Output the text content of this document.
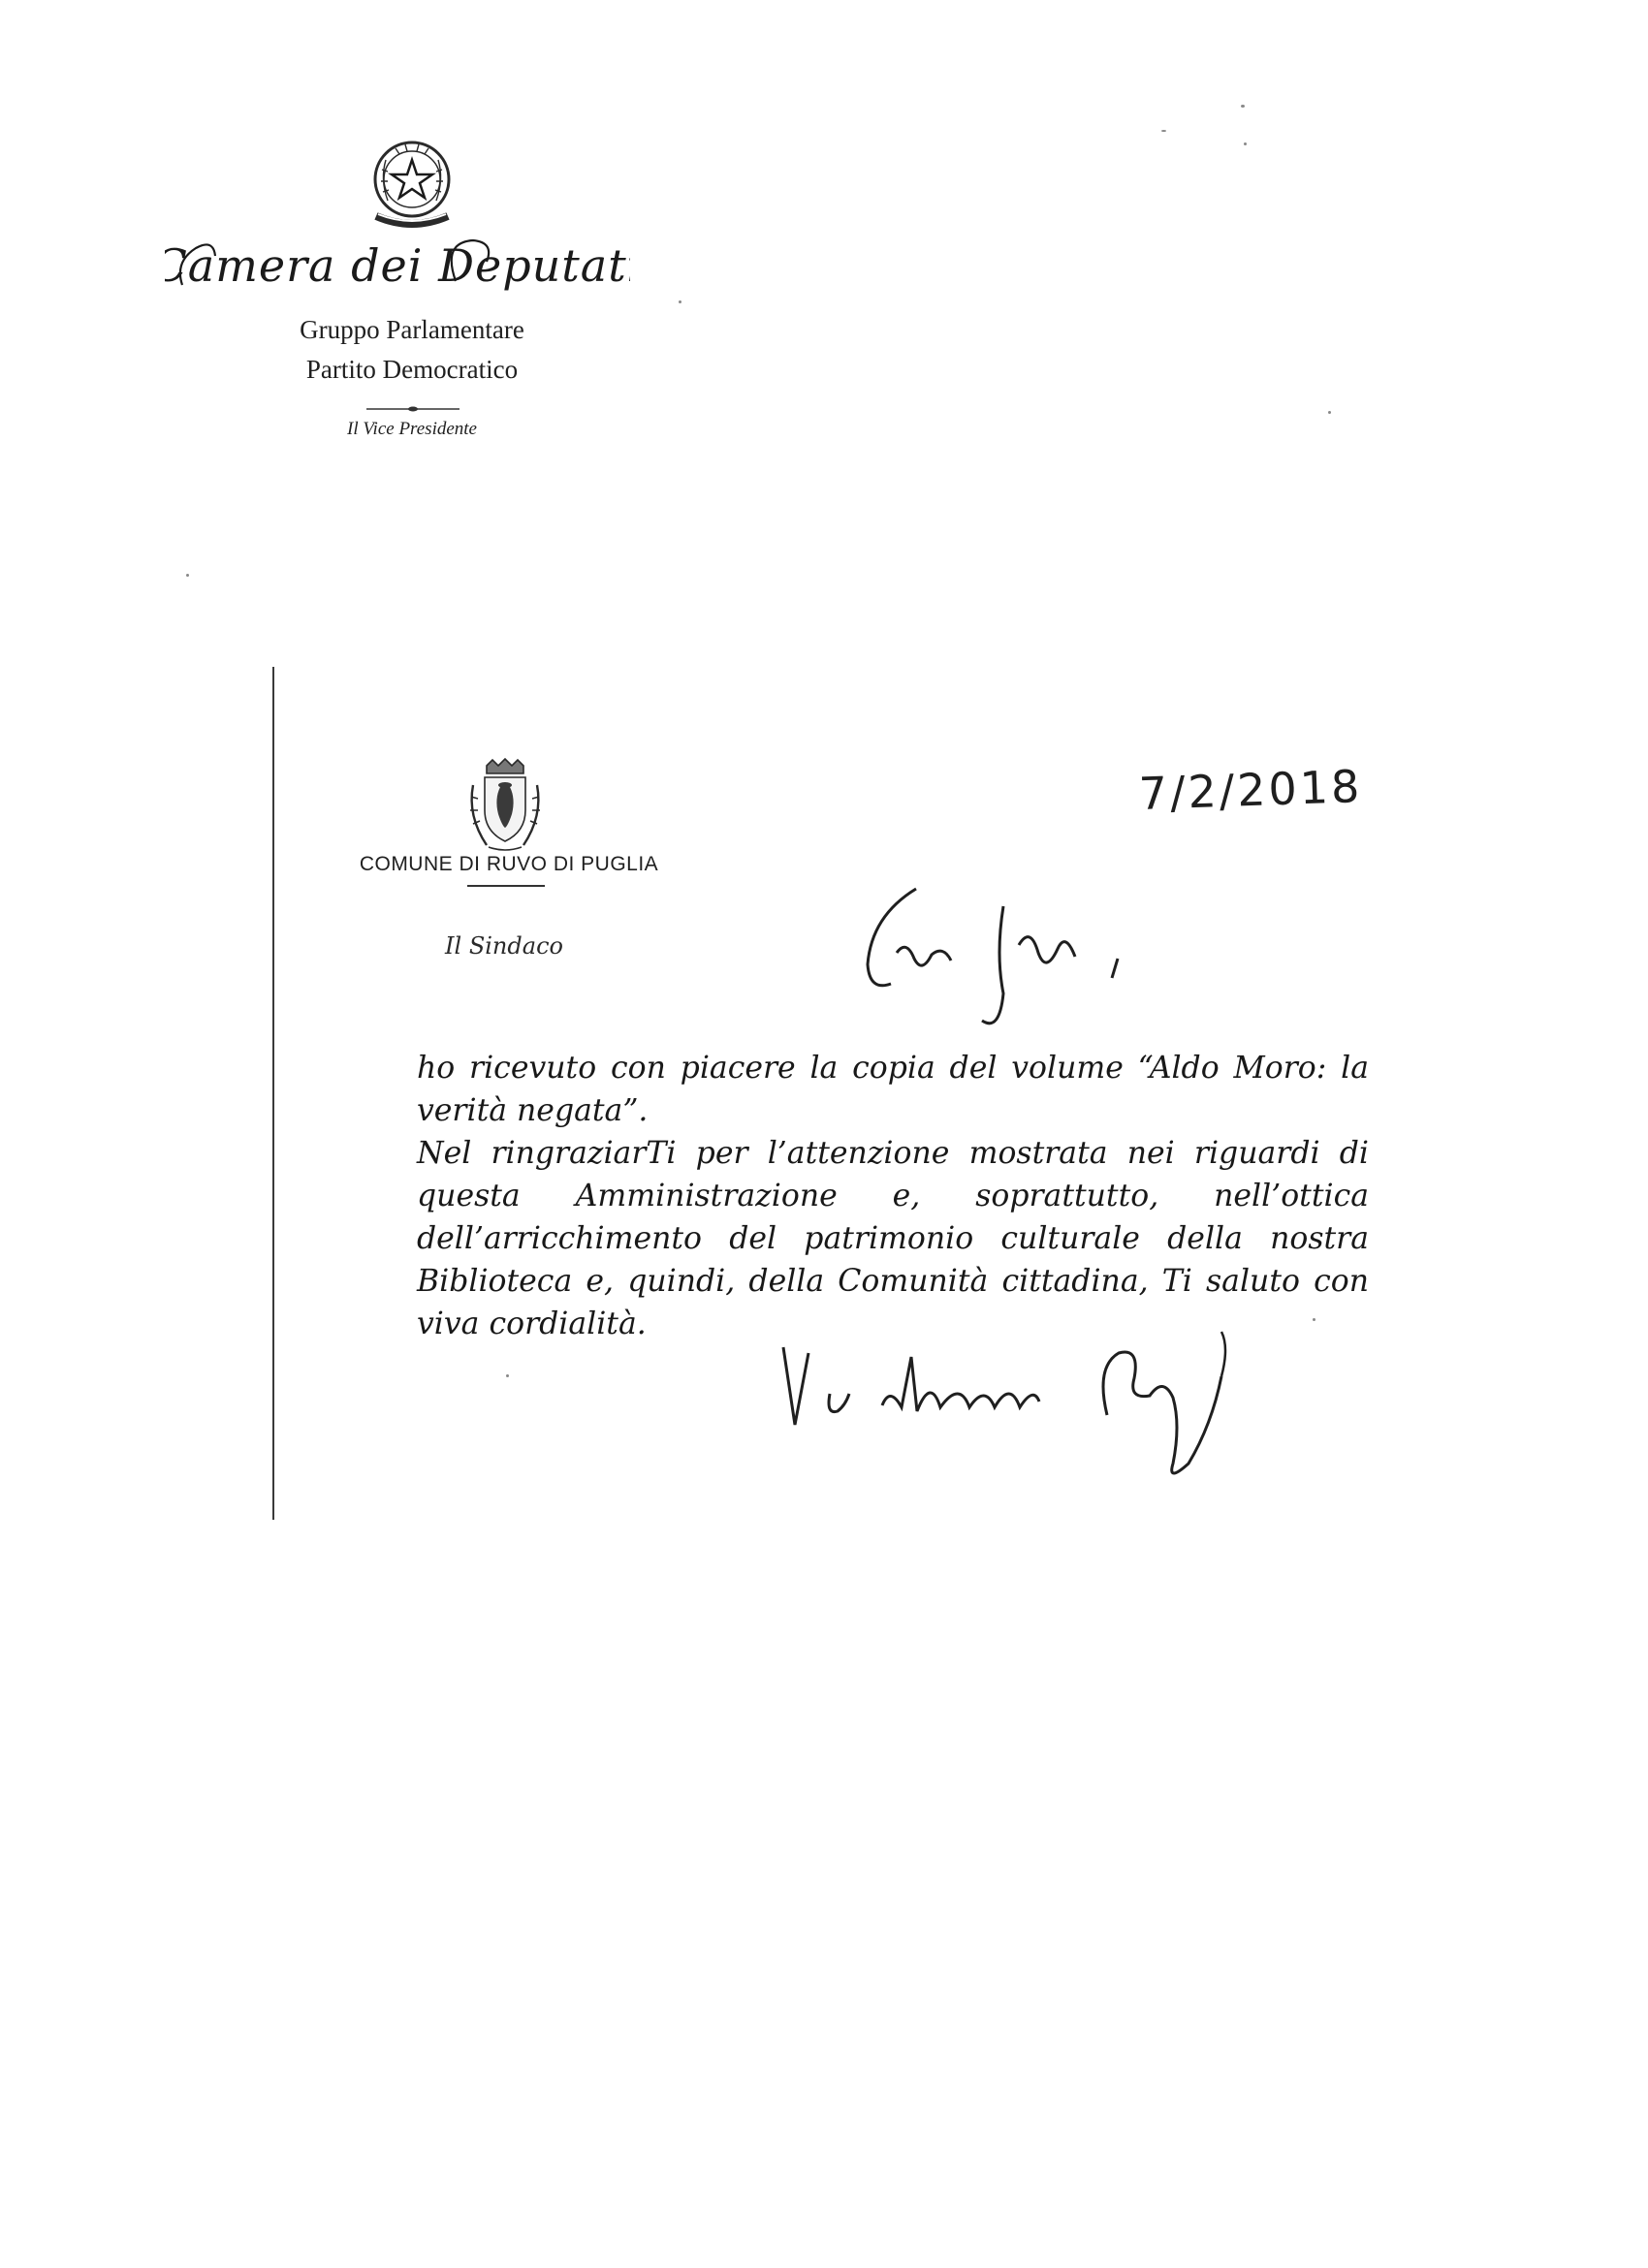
Camera dei Deputati
Gruppo Parlamentare
Partito Democratico
Il Vice Presidente
COMUNE DI RUVO DI PUGLIA
Il Sindaco
7/2/2018
Caro Gero,

ho ricevuto con piacere la copia del volume “Aldo Moro: la verità negata”.

Nel ringraziarTi per l’attenzione mostrata nei riguardi di questa Amministrazione e, soprattutto, nell’ottica dell’arricchimento del patrimonio culturale della nostra Biblioteca e, quindi, della Comunità cittadina, Ti saluto con viva cordialità.

Vito Nicola Ottombrino
